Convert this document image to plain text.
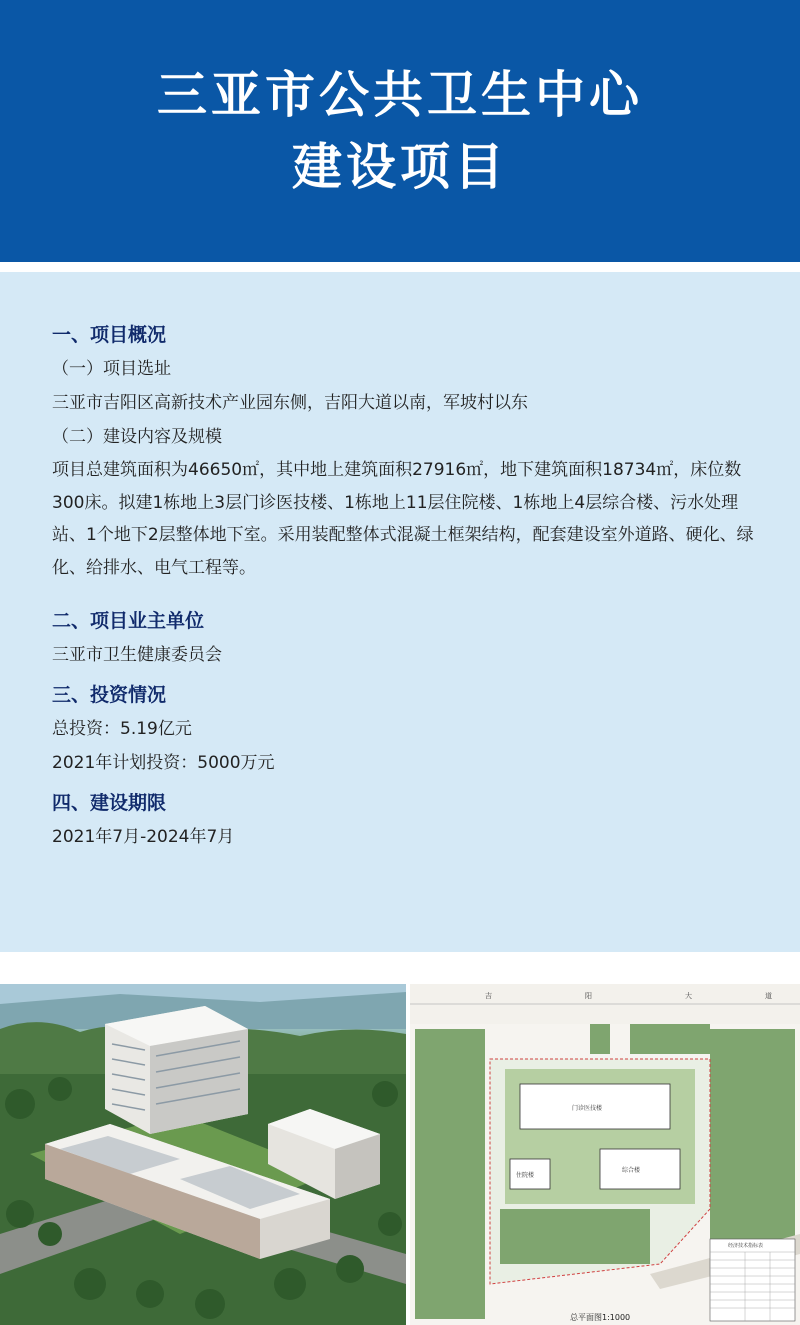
三亚市公共卫生中心
建设项目
一、项目概况
（一）项目选址
三亚市吉阳区高新技术产业园东侧，吉阳大道以南，军坡村以东
（二）建设内容及规模
项目总建筑面积为46650㎡，其中地上建筑面积27916㎡，地下建筑面积18734㎡，床位数300床。拟建1栋地上3层门诊医技楼、1栋地上11层住院楼、1栋地上4层综合楼、污水处理站、1个地下2层整体地下室。采用装配整体式混凝土框架结构，配套建设室外道路、硬化、绿化、给排水、电气工程等。
二、项目业主单位
三亚市卫生健康委员会
三、投资情况
总投资：5.19亿元
2021年计划投资：5000万元
四、建设期限
2021年7月-2024年7月
吉	阳	大	道
门诊医技楼
住院楼
综合楼
经济技术指标表
总平面图1:1000
